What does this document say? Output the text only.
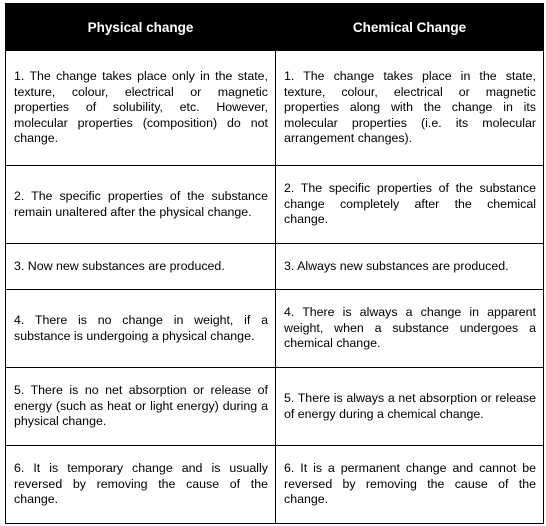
Physical change	Chemical Change

1. The change takes place only in the state, texture, colour, electrical or magnetic properties of solubility, etc. However, molecular properties (composition) do not change.	1. The change takes place in the state, texture, colour, electrical or magnetic properties along with the change in its molecular properties (i.e. its molecular arrangement changes).

2. The specific properties of the substance remain unaltered after the physical change.	2. The specific properties of the substance change completely after the chemical change.

3. Now new substances are produced.	3. Always new substances are produced.

4. There is no change in weight, if a substance is undergoing a physical change.	4. There is always a change in apparent weight, when a substance undergoes a chemical change.

5. There is no net absorption or release of energy (such as heat or light energy) during a physical change.	5. There is always a net absorption or release of energy during a chemical change.

6. It is temporary change and is usually reversed by removing the cause of the change.	6. It is a permanent change and cannot be reversed by removing the cause of the change.
